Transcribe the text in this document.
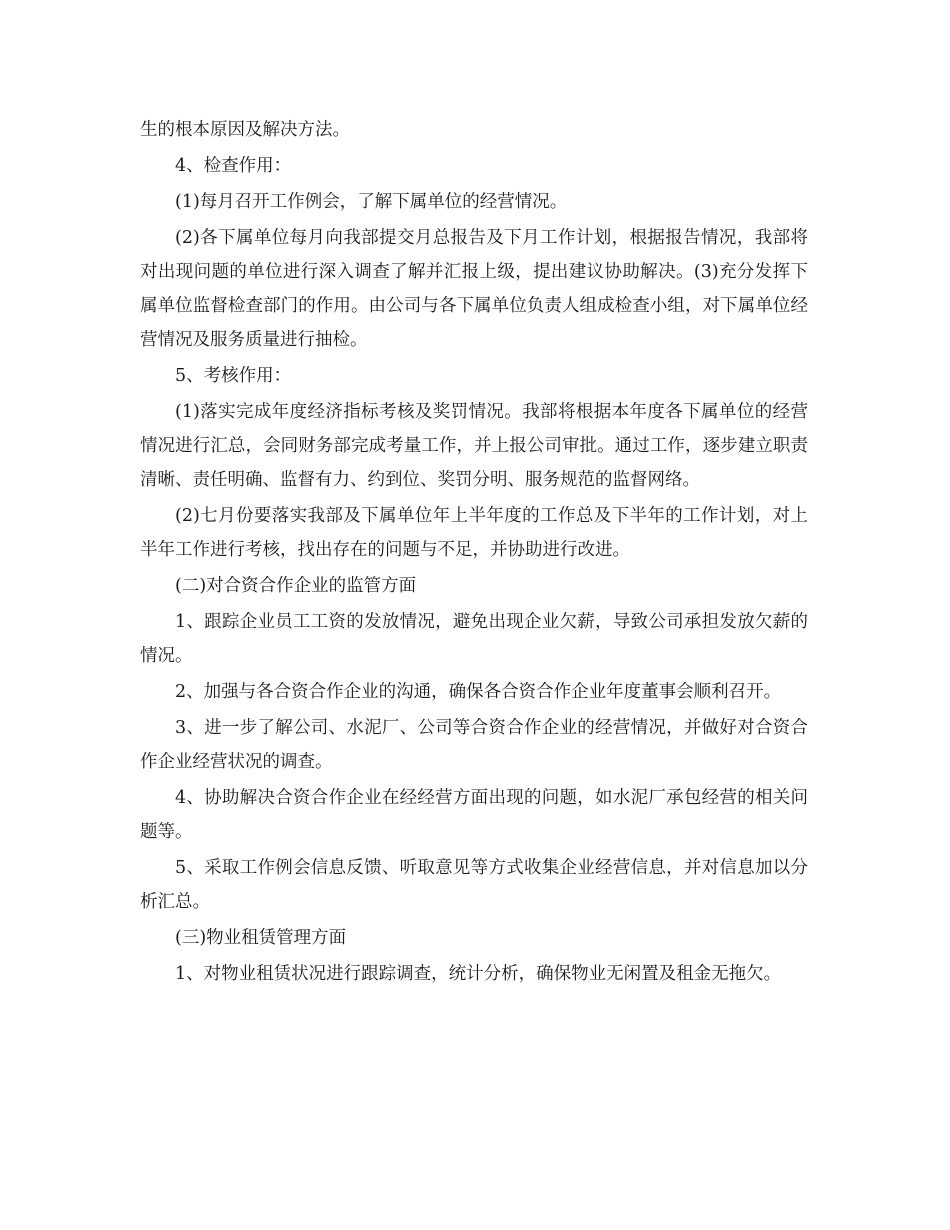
生的根本原因及解决方法。

4、检查作用：

(1)每月召开工作例会，了解下属单位的经营情况。

(2)各下属单位每月向我部提交月总报告及下月工作计划，根据报告情况，我部将对出现问题的单位进行深入调查了解并汇报上级，提出建议协助解决。(3)充分发挥下属单位监督检查部门的作用。由公司与各下属单位负责人组成检查小组，对下属单位经营情况及服务质量进行抽检。

5、考核作用：

(1)落实完成年度经济指标考核及奖罚情况。我部将根据本年度各下属单位的经营情况进行汇总，会同财务部完成考量工作，并上报公司审批。通过工作，逐步建立职责清晰、责任明确、监督有力、约到位、奖罚分明、服务规范的监督网络。

(2)七月份要落实我部及下属单位年上半年度的工作总及下半年的工作计划，对上半年工作进行考核，找出存在的问题与不足，并协助进行改进。

(二)对合资合作企业的监管方面

1、跟踪企业员工工资的发放情况，避免出现企业欠薪，导致公司承担发放欠薪的情况。

2、加强与各合资合作企业的沟通，确保各合资合作企业年度董事会顺利召开。

3、进一步了解公司、水泥厂、公司等合资合作企业的经营情况，并做好对合资合作企业经营状况的调查。

4、协助解决合资合作企业在经经营方面出现的问题，如水泥厂承包经营的相关问题等。

5、采取工作例会信息反馈、听取意见等方式收集企业经营信息，并对信息加以分析汇总。

(三)物业租赁管理方面

1、对物业租赁状况进行跟踪调查，统计分析，确保物业无闲置及租金无拖欠。
